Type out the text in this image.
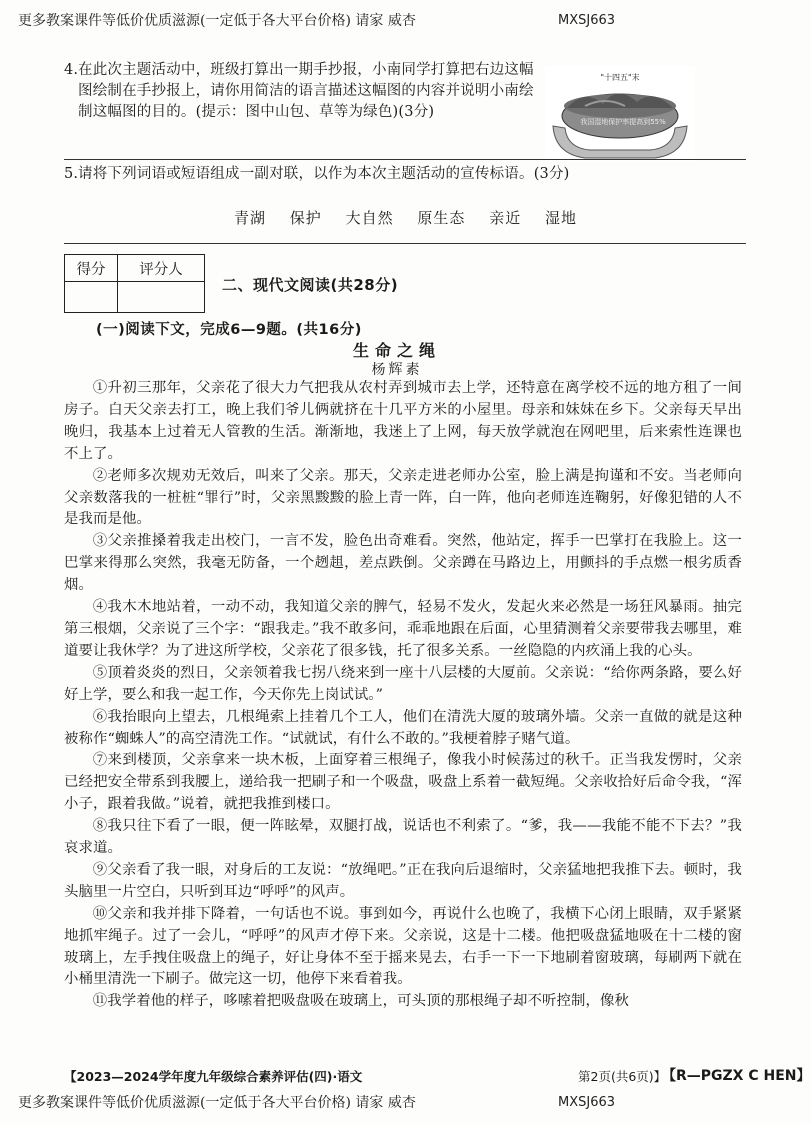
更多教案课件等低价优质滋源(一定低于各大平台价格) 请家 威杏	MXSJ663
4. 在此次主题活动中，班级打算出一期手抄报，小南同学打算把右边这幅图绘制在手抄报上，请你用简洁的语言描述这幅图的内容并说明小南绘制这幅图的目的。(提示：图中山包、草等为绿色)(3分)
"十四五"末
我国湿地保护率提高到55%
5. 请将下列词语或短语组成一副对联，以作为本次主题活动的宣传标语。(3分)
青湖 保护 大自然 原生态 亲近 湿地
得分	评分人

二、现代文阅读(共28分)
(一)阅读下文，完成6—9题。(共16分)
生命之绳
杨辉素

①升初三那年，父亲花了很大力气把我从农村弄到城市去上学，还特意在离学校不远的地方租了一间房子。白天父亲去打工，晚上我们爷儿俩就挤在十几平方米的小屋里。母亲和妹妹在乡下。父亲每天早出晚归，我基本上过着无人管教的生活。渐渐地，我迷上了上网，每天放学就泡在网吧里，后来索性连课也不上了。

②老师多次规劝无效后，叫来了父亲。那天，父亲走进老师办公室，脸上满是拘谨和不安。当老师向父亲数落我的一桩桩“罪行”时，父亲黑黢黢的脸上青一阵，白一阵，他向老师连连鞠躬，好像犯错的人不是我而是他。

③父亲推搡着我走出校门，一言不发，脸色出奇难看。突然，他站定，挥手一巴掌打在我脸上。这一巴掌来得那么突然，我毫无防备，一个趔趄，差点跌倒。父亲蹲在马路边上，用颤抖的手点燃一根劣质香烟。

④我木木地站着，一动不动，我知道父亲的脾气，轻易不发火，发起火来必然是一场狂风暴雨。抽完第三根烟，父亲说了三个字：“跟我走。”我不敢多问，乖乖地跟在后面，心里猜测着父亲要带我去哪里，难道要让我休学？为了进这所学校，父亲花了很多钱，托了很多关系。一丝隐隐的内疚涌上我的心头。

⑤顶着炎炎的烈日，父亲领着我七拐八绕来到一座十八层楼的大厦前。父亲说：“给你两条路，要么好好上学，要么和我一起工作，今天你先上岗试试。”

⑥我抬眼向上望去，几根绳索上挂着几个工人，他们在清洗大厦的玻璃外墙。父亲一直做的就是这种被称作“蜘蛛人”的高空清洗工作。“试就试，有什么不敢的。”我梗着脖子赌气道。

⑦来到楼顶，父亲拿来一块木板，上面穿着三根绳子，像我小时候荡过的秋千。正当我发愣时，父亲已经把安全带系到我腰上，递给我一把刷子和一个吸盘，吸盘上系着一截短绳。父亲收拾好后命令我，“浑小子，跟着我做。”说着，就把我推到楼口。

⑧我只往下看了一眼，便一阵眩晕，双腿打战，说话也不利索了。“爹，我——我能不能不下去？”我哀求道。

⑨父亲看了我一眼，对身后的工友说：“放绳吧。”正在我向后退缩时，父亲猛地把我推下去。顿时，我头脑里一片空白，只听到耳边“呼呼”的风声。

⑩父亲和我并排下降着，一句话也不说。事到如今，再说什么也晚了，我横下心闭上眼睛，双手紧紧地抓牢绳子。过了一会儿，“呼呼”的风声才停下来。父亲说，这是十二楼。他把吸盘猛地吸在十二楼的窗玻璃上，左手拽住吸盘上的绳子，好让身体不至于摇来晃去，右手一下一下地刷着窗玻璃，每刷两下就在小桶里清洗一下刷子。做完这一切，他停下来看着我。

⑪我学着他的样子，哆嗦着把吸盘吸在玻璃上，可头顶的那根绳子却不听控制，像秋

【2023—2024学年度九年级综合素养评估(四)·语文	第2页(共6页)】
【R—PGZX C HEN】
更多教案课件等低价优质滋源(一定低于各大平台价格) 请家 威杏	MXSJ663
